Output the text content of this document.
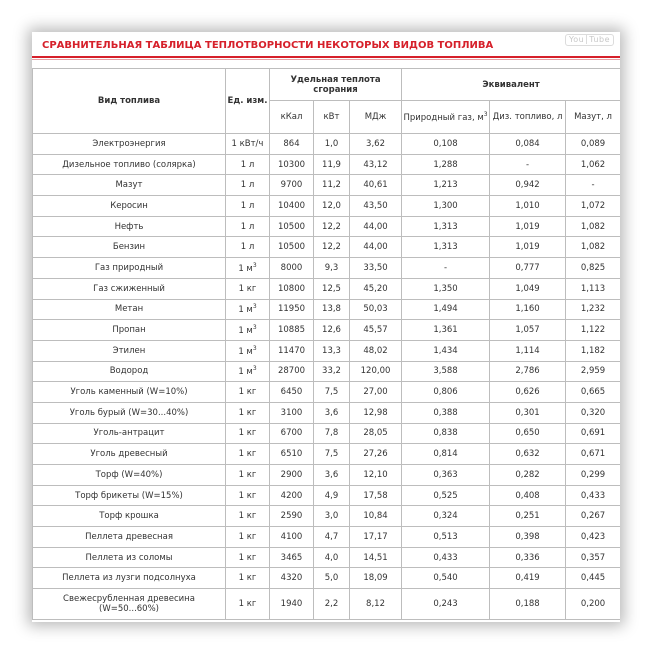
You Tube
СРАВНИТЕЛЬНАЯ ТАБЛИЦА ТЕПЛОТВОРНОСТИ НЕКОТОРЫХ ВИДОВ ТОПЛИВА
Вид топлива	Ед. изм.	Удельная теплота сгорания			Эквивалент		
		кКал	кВт	МДж	Природный газ, $м^3$	Диз. топливо, л	Мазут, л
Электроэнергия	1 кВт/ч	864	1,0	3,62	0,108	0,084	0,089
Дизельное топливо (солярка)	1 л	10300	11,9	43,12	1,288	-	1,062
Мазут	1 л	9700	11,2	40,61	1,213	0,942	-
Керосин	1 л	10400	12,0	43,50	1,300	1,010	1,072
Нефть	1 л	10500	12,2	44,00	1,313	1,019	1,082
Бензин	1 л	10500	12,2	44,00	1,313	1,019	1,082
Газ природный	1 $м^3$	8000	9,3	33,50	-	0,777	0,825
Газ сжиженный	1 кг	10800	12,5	45,20	1,350	1,049	1,113
Метан	1 $м^3$	11950	13,8	50,03	1,494	1,160	1,232
Пропан	1 $м^3$	10885	12,6	45,57	1,361	1,057	1,122
Этилен	1 $м^3$	11470	13,3	48,02	1,434	1,114	1,182
Водород	1 $м^3$	28700	33,2	120,00	3,588	2,786	2,959
Уголь каменный (W=10%)	1 кг	6450	7,5	27,00	0,806	0,626	0,665
Уголь бурый (W=30...40%)	1 кг	3100	3,6	12,98	0,388	0,301	0,320
Уголь-антрацит	1 кг	6700	7,8	28,05	0,838	0,650	0,691
Уголь древесный	1 кг	6510	7,5	27,26	0,814	0,632	0,671
Торф (W=40%)	1 кг	2900	3,6	12,10	0,363	0,282	0,299
Торф брикеты (W=15%)	1 кг	4200	4,9	17,58	0,525	0,408	0,433
Торф крошка	1 кг	2590	3,0	10,84	0,324	0,251	0,267
Пеллета древесная	1 кг	4100	4,7	17,17	0,513	0,398	0,423
Пеллета из соломы	1 кг	3465	4,0	14,51	0,433	0,336	0,357
Пеллета из лузги подсолнуха	1 кг	4320	5,0	18,09	0,540	0,419	0,445
Свежесрубленная древесина (W=50...60%)	1 кг	1940	2,2	8,12	0,243	0,188	0,200
